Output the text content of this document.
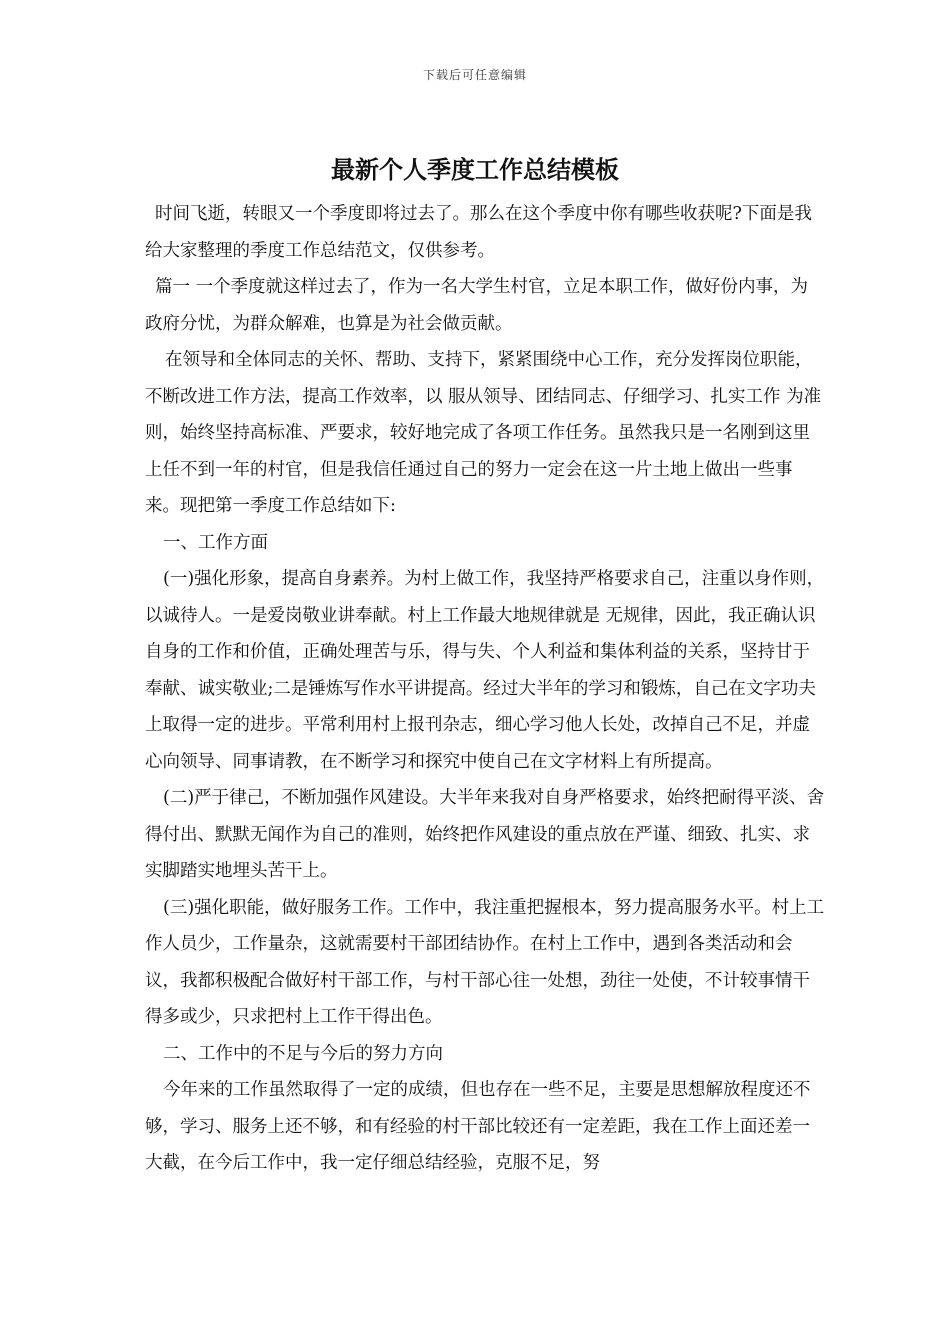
下载后可任意编辑
最新个人季度工作总结模板

时间飞逝，转眼又一个季度即将过去了。那么在这个季度中你有哪些收获呢?下面是我给大家整理的季度工作总结范文，仅供参考。

篇一 一个季度就这样过去了，作为一名大学生村官，立足本职工作，做好份内事，为政府分忧，为群众解难，也算是为社会做贡献。

在领导和全体同志的关怀、帮助、支持下，紧紧围绕中心工作，充分发挥岗位职能，不断改进工作方法，提高工作效率，以 服从领导、团结同志、仔细学习、扎实工作 为准则，始终坚持高标准、严要求，较好地完成了各项工作任务。虽然我只是一名刚到这里上任不到一年的村官，但是我信任通过自己的努力一定会在这一片土地上做出一些事来。现把第一季度工作总结如下:

一、工作方面

(一)强化形象，提高自身素养。为村上做工作，我坚持严格要求自己，注重以身作则，以诚待人。一是爱岗敬业讲奉献。村上工作最大地规律就是 无规律，因此，我正确认识自身的工作和价值，正确处理苦与乐，得与失、个人利益和集体利益的关系，坚持甘于奉献、诚实敬业;二是锤炼写作水平讲提高。经过大半年的学习和锻炼，自己在文字功夫上取得一定的进步。平常利用村上报刊杂志，细心学习他人长处，改掉自己不足，并虚心向领导、同事请教，在不断学习和探究中使自己在文字材料上有所提高。

(二)严于律己，不断加强作风建设。大半年来我对自身严格要求，始终把耐得平淡、舍得付出、默默无闻作为自己的准则，始终把作风建设的重点放在严谨、细致、扎实、求实脚踏实地埋头苦干上。

(三)强化职能，做好服务工作。工作中，我注重把握根本，努力提高服务水平。村上工作人员少，工作量杂，这就需要村干部团结协作。在村上工作中，遇到各类活动和会议，我都积极配合做好村干部工作，与村干部心往一处想，劲往一处使，不计较事情干得多或少，只求把村上工作干得出色。

二、工作中的不足与今后的努力方向

今年来的工作虽然取得了一定的成绩，但也存在一些不足，主要是思想解放程度还不够，学习、服务上还不够，和有经验的村干部比较还有一定差距，我在工作上面还差一大截，在今后工作中，我一定仔细总结经验，克服不足，努
